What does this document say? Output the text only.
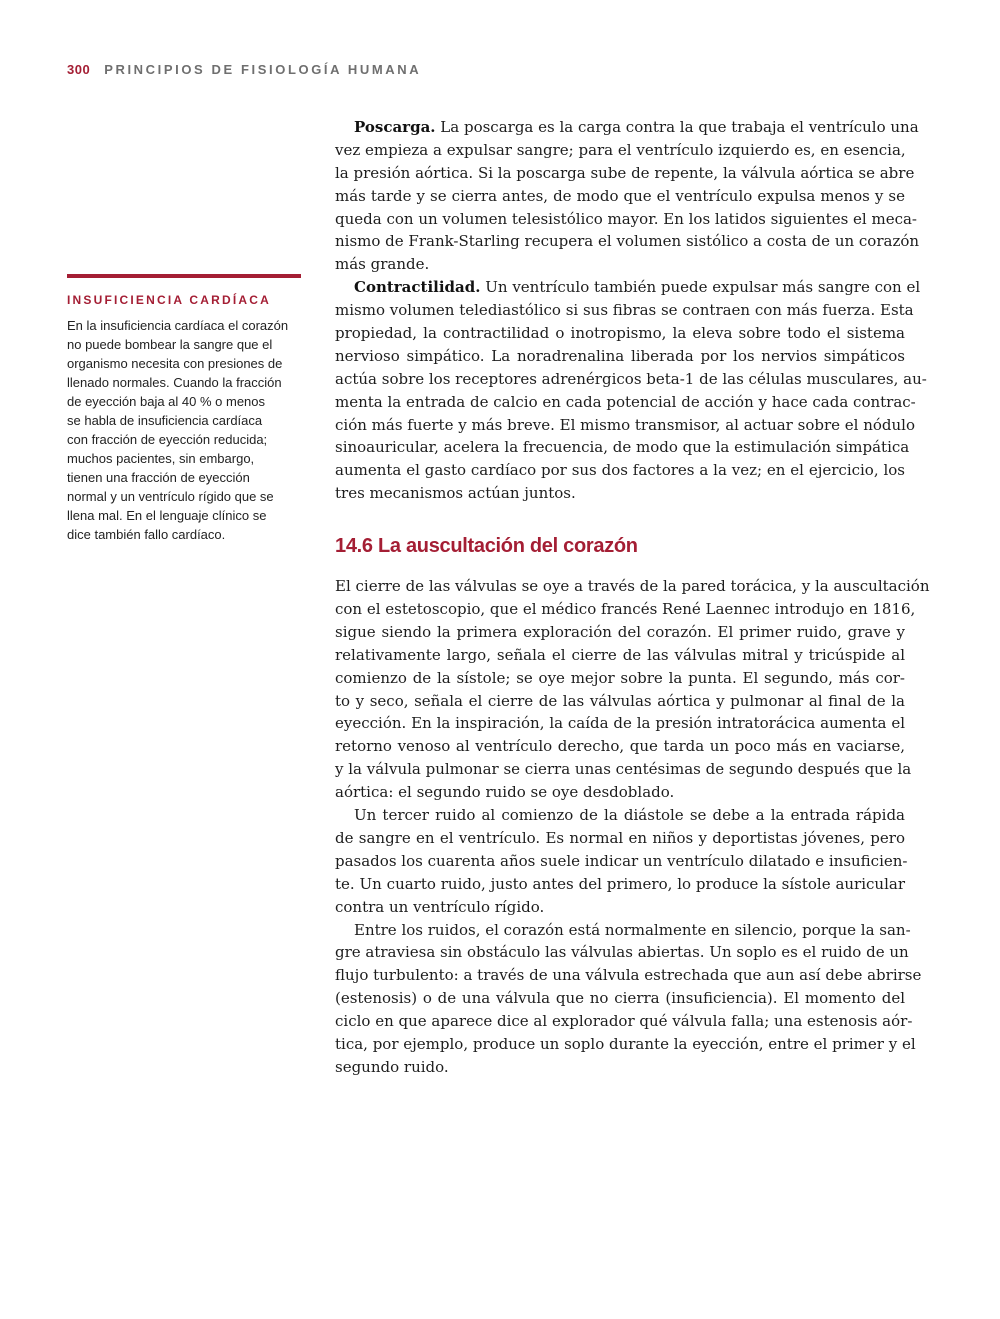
300 PRINCIPIOS DE FISIOLOGÍA HUMANA
INSUFICIENCIA CARDÍACA
En la insuficiencia cardíaca el corazón
no puede bombear la sangre que el
organismo necesita con presiones de
llenado normales. Cuando la fracción
de eyección baja al 40 % o menos
se habla de insuficiencia cardíaca
con fracción de eyección reducida;
muchos pacientes, sin embargo,
tienen una fracción de eyección
normal y un ventrículo rígido que se
llena mal. En el lenguaje clínico se
dice también fallo cardíaco.
Poscarga. La poscarga es la carga contra la que trabaja el ventrículo una
vez empieza a expulsar sangre; para el ventrículo izquierdo es, en esencia,
la presión aórtica. Si la poscarga sube de repente, la válvula aórtica se abre
más tarde y se cierra antes, de modo que el ventrículo expulsa menos y se
queda con un volumen telesistólico mayor. En los latidos siguientes el meca-
nismo de Frank-Starling recupera el volumen sistólico a costa de un corazón
más grande.
Contractilidad. Un ventrículo también puede expulsar más sangre con el
mismo volumen telediastólico si sus fibras se contraen con más fuerza. Esta
propiedad, la contractilidad o inotropismo, la eleva sobre todo el sistema
nervioso simpático. La noradrenalina liberada por los nervios simpáticos
actúa sobre los receptores adrenérgicos beta-1 de las células musculares, au-
menta la entrada de calcio en cada potencial de acción y hace cada contrac-
ción más fuerte y más breve. El mismo transmisor, al actuar sobre el nódulo
sinoauricular, acelera la frecuencia, de modo que la estimulación simpática
aumenta el gasto cardíaco por sus dos factores a la vez; en el ejercicio, los
tres mecanismos actúan juntos.
14.6 La auscultación del corazón
El cierre de las válvulas se oye a través de la pared torácica, y la auscultación
con el estetoscopio, que el médico francés René Laennec introdujo en 1816,
sigue siendo la primera exploración del corazón. El primer ruido, grave y
relativamente largo, señala el cierre de las válvulas mitral y tricúspide al
comienzo de la sístole; se oye mejor sobre la punta. El segundo, más cor-
to y seco, señala el cierre de las válvulas aórtica y pulmonar al final de la
eyección. En la inspiración, la caída de la presión intratorácica aumenta el
retorno venoso al ventrículo derecho, que tarda un poco más en vaciarse,
y la válvula pulmonar se cierra unas centésimas de segundo después que la
aórtica: el segundo ruido se oye desdoblado.
Un tercer ruido al comienzo de la diástole se debe a la entrada rápida
de sangre en el ventrículo. Es normal en niños y deportistas jóvenes, pero
pasados los cuarenta años suele indicar un ventrículo dilatado e insuficien-
te. Un cuarto ruido, justo antes del primero, lo produce la sístole auricular
contra un ventrículo rígido.
Entre los ruidos, el corazón está normalmente en silencio, porque la san-
gre atraviesa sin obstáculo las válvulas abiertas. Un soplo es el ruido de un
flujo turbulento: a través de una válvula estrechada que aun así debe abrirse
(estenosis) o de una válvula que no cierra (insuficiencia). El momento del
ciclo en que aparece dice al explorador qué válvula falla; una estenosis aór-
tica, por ejemplo, produce un soplo durante la eyección, entre el primer y el
segundo ruido.
